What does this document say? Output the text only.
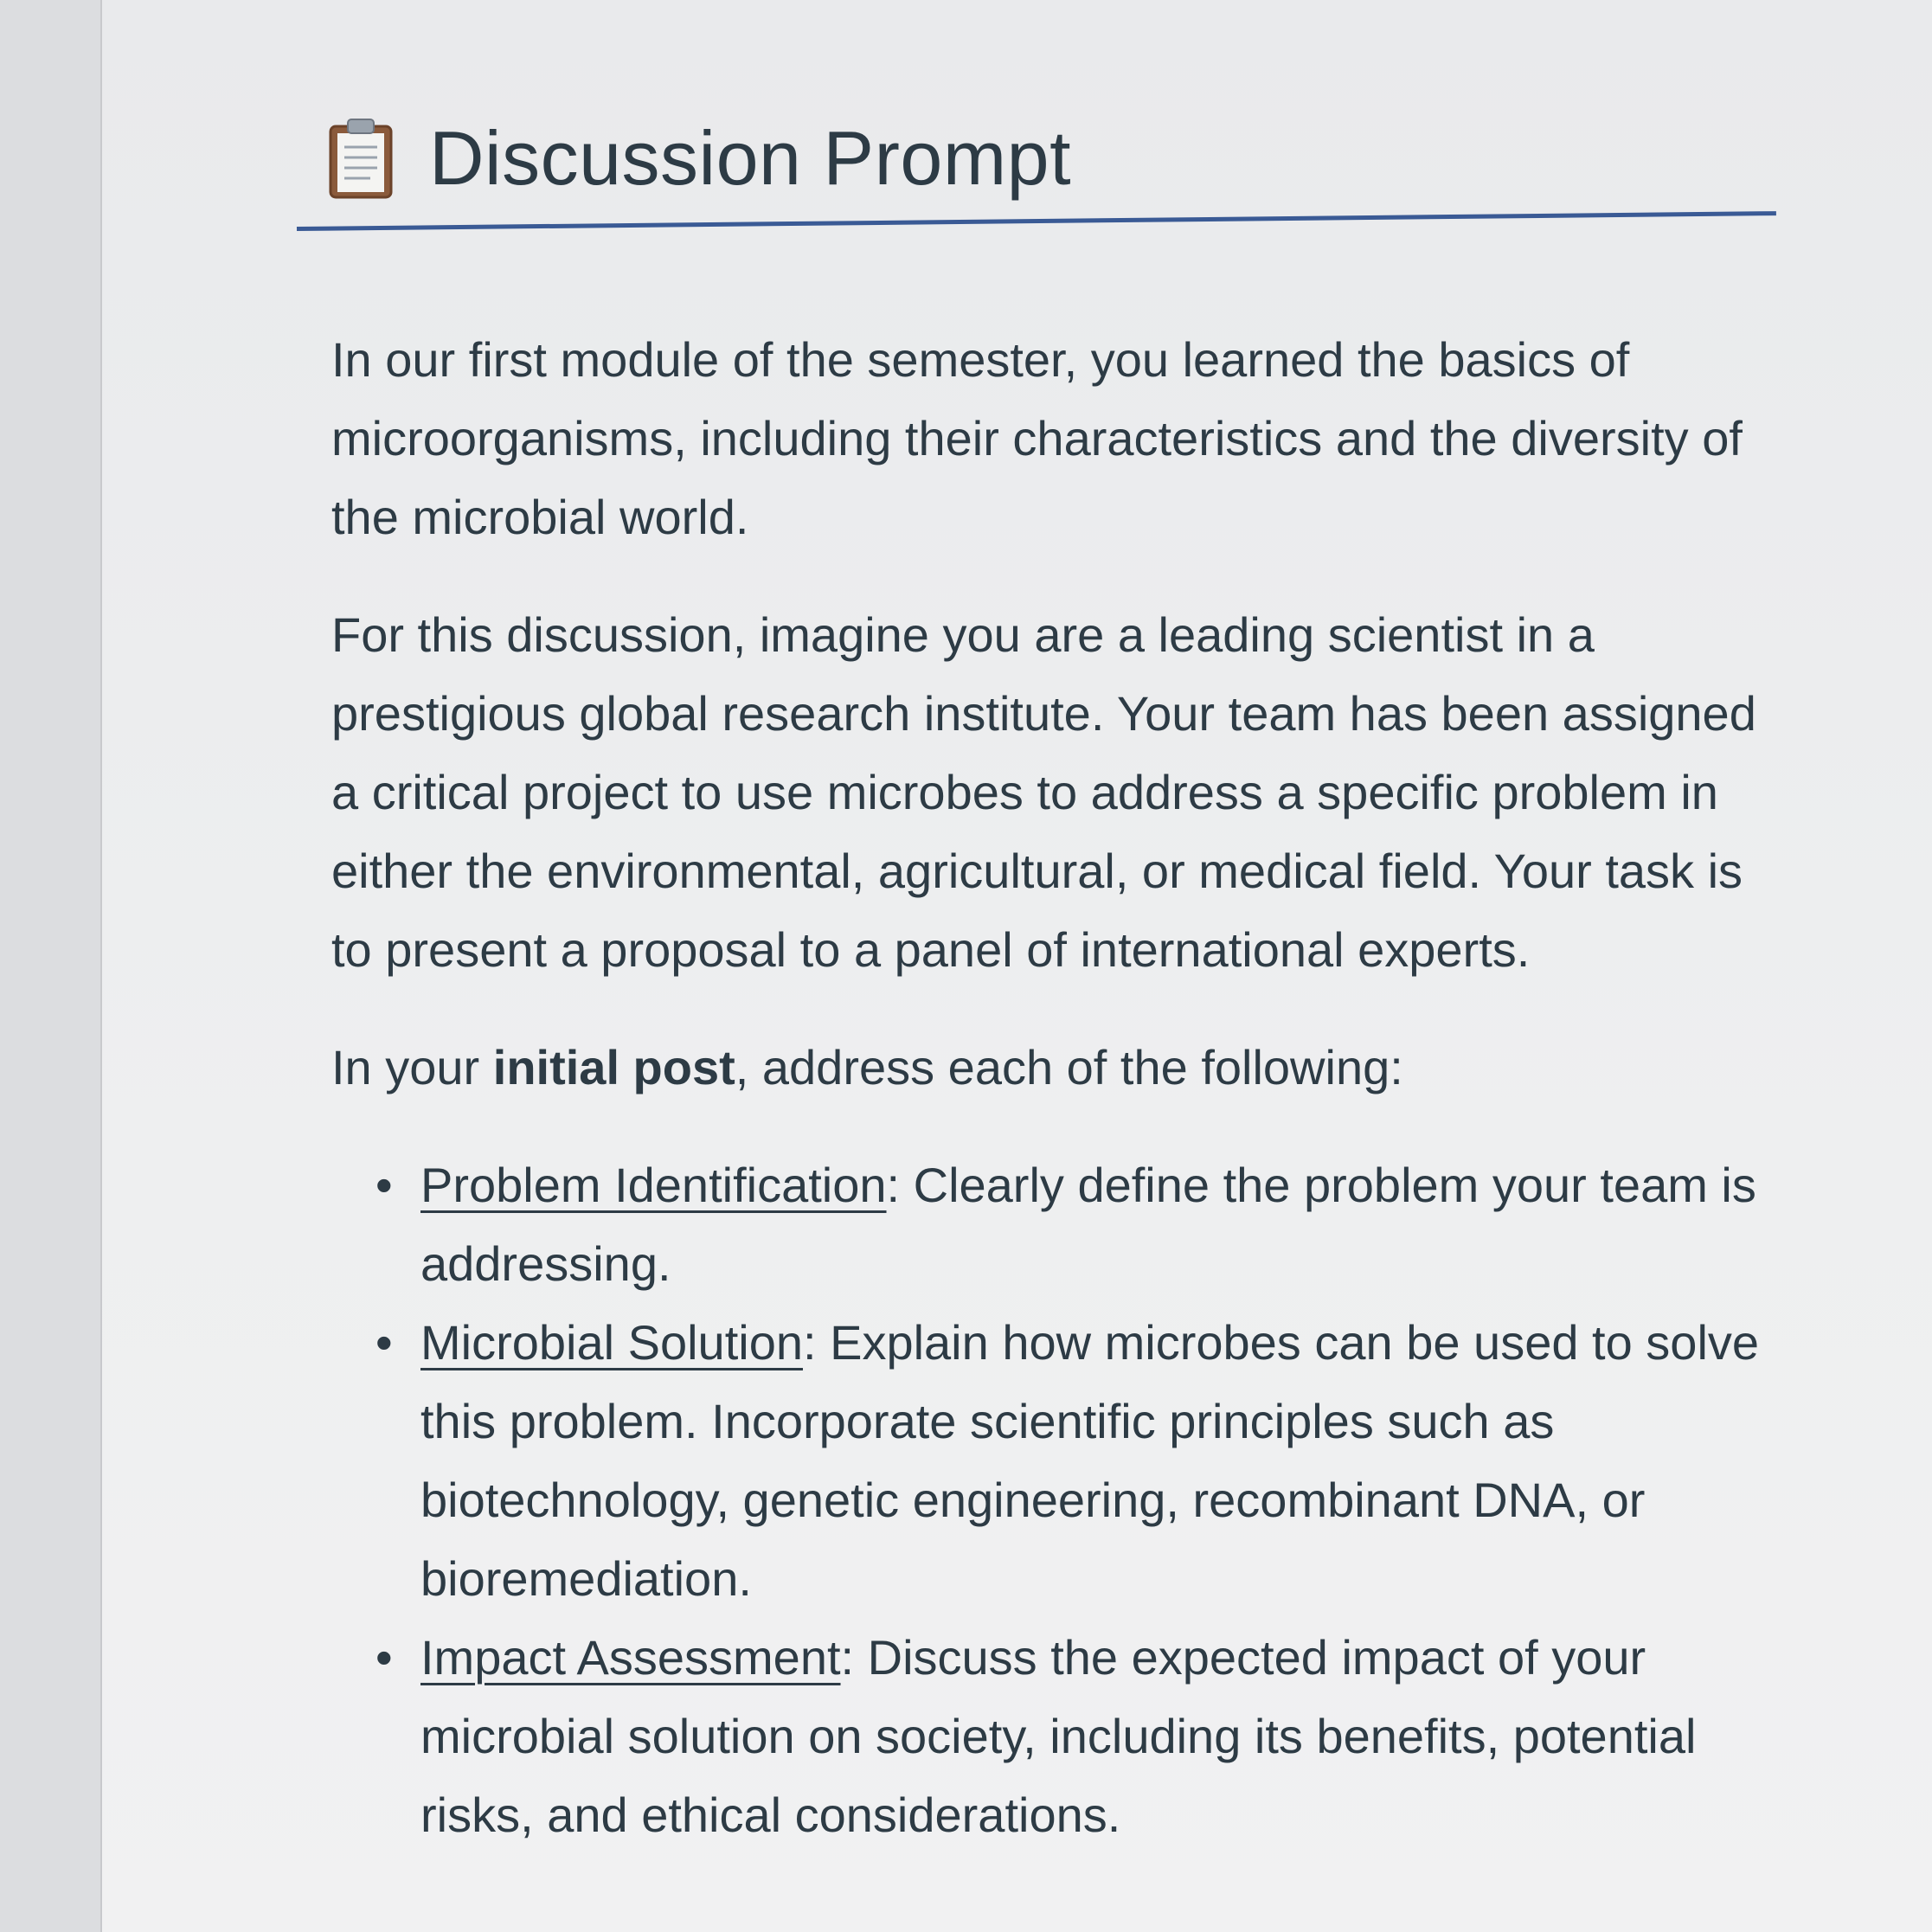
Discussion Prompt

In our first module of the semester, you learned the basics of microorganisms, including their characteristics and the diversity of the microbial world.

For this discussion, imagine you are a leading scientist in a prestigious global research institute. Your team has been assigned a critical project to use microbes to address a specific problem in either the environmental, agricultural, or medical field. Your task is to present a proposal to a panel of international experts.

In your initial post, address each of the following:

• Problem Identification: Clearly define the problem your team is addressing.
• Microbial Solution: Explain how microbes can be used to solve this problem. Incorporate scientific principles such as biotechnology, genetic engineering, recombinant DNA, or bioremediation.
• Impact Assessment: Discuss the expected impact of your microbial solution on society, including its benefits, potential risks, and ethical considerations.
